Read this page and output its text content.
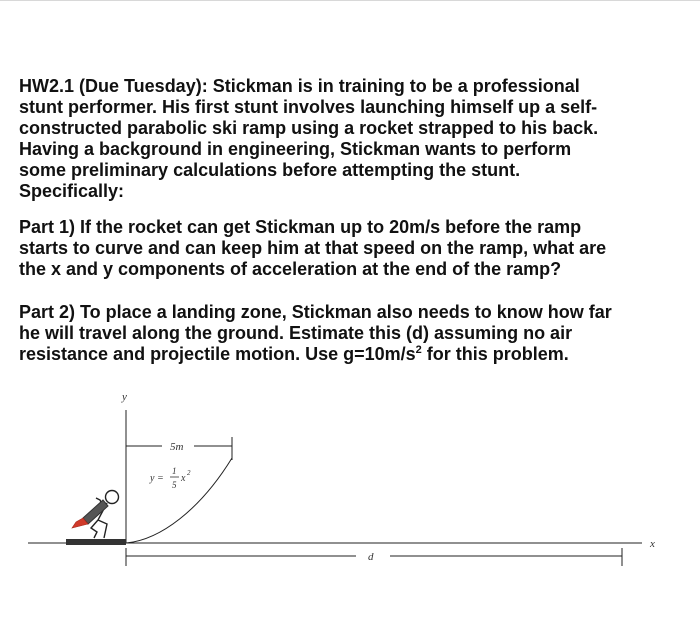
HW2.1 (Due Tuesday): Stickman is in training to be a professional
stunt performer. His first stunt involves launching himself up a self-
constructed parabolic ski ramp using a rocket strapped to his back.
Having a background in engineering, Stickman wants to perform
some preliminary calculations before attempting the stunt.
Specifically:
Part 1) If the rocket can get Stickman up to 20m/s before the ramp
starts to curve and can keep him at that speed on the ramp, what are
the x and y components of acceleration at the end of the ramp?
Part 2) To place a landing zone, Stickman also needs to know how far
he will travel along the ground. Estimate this (d) assuming no air
resistance and projectile motion. Use $g=10m/s^2$ for this problem.
y
x
5m
d
y =
1
5
x 2
